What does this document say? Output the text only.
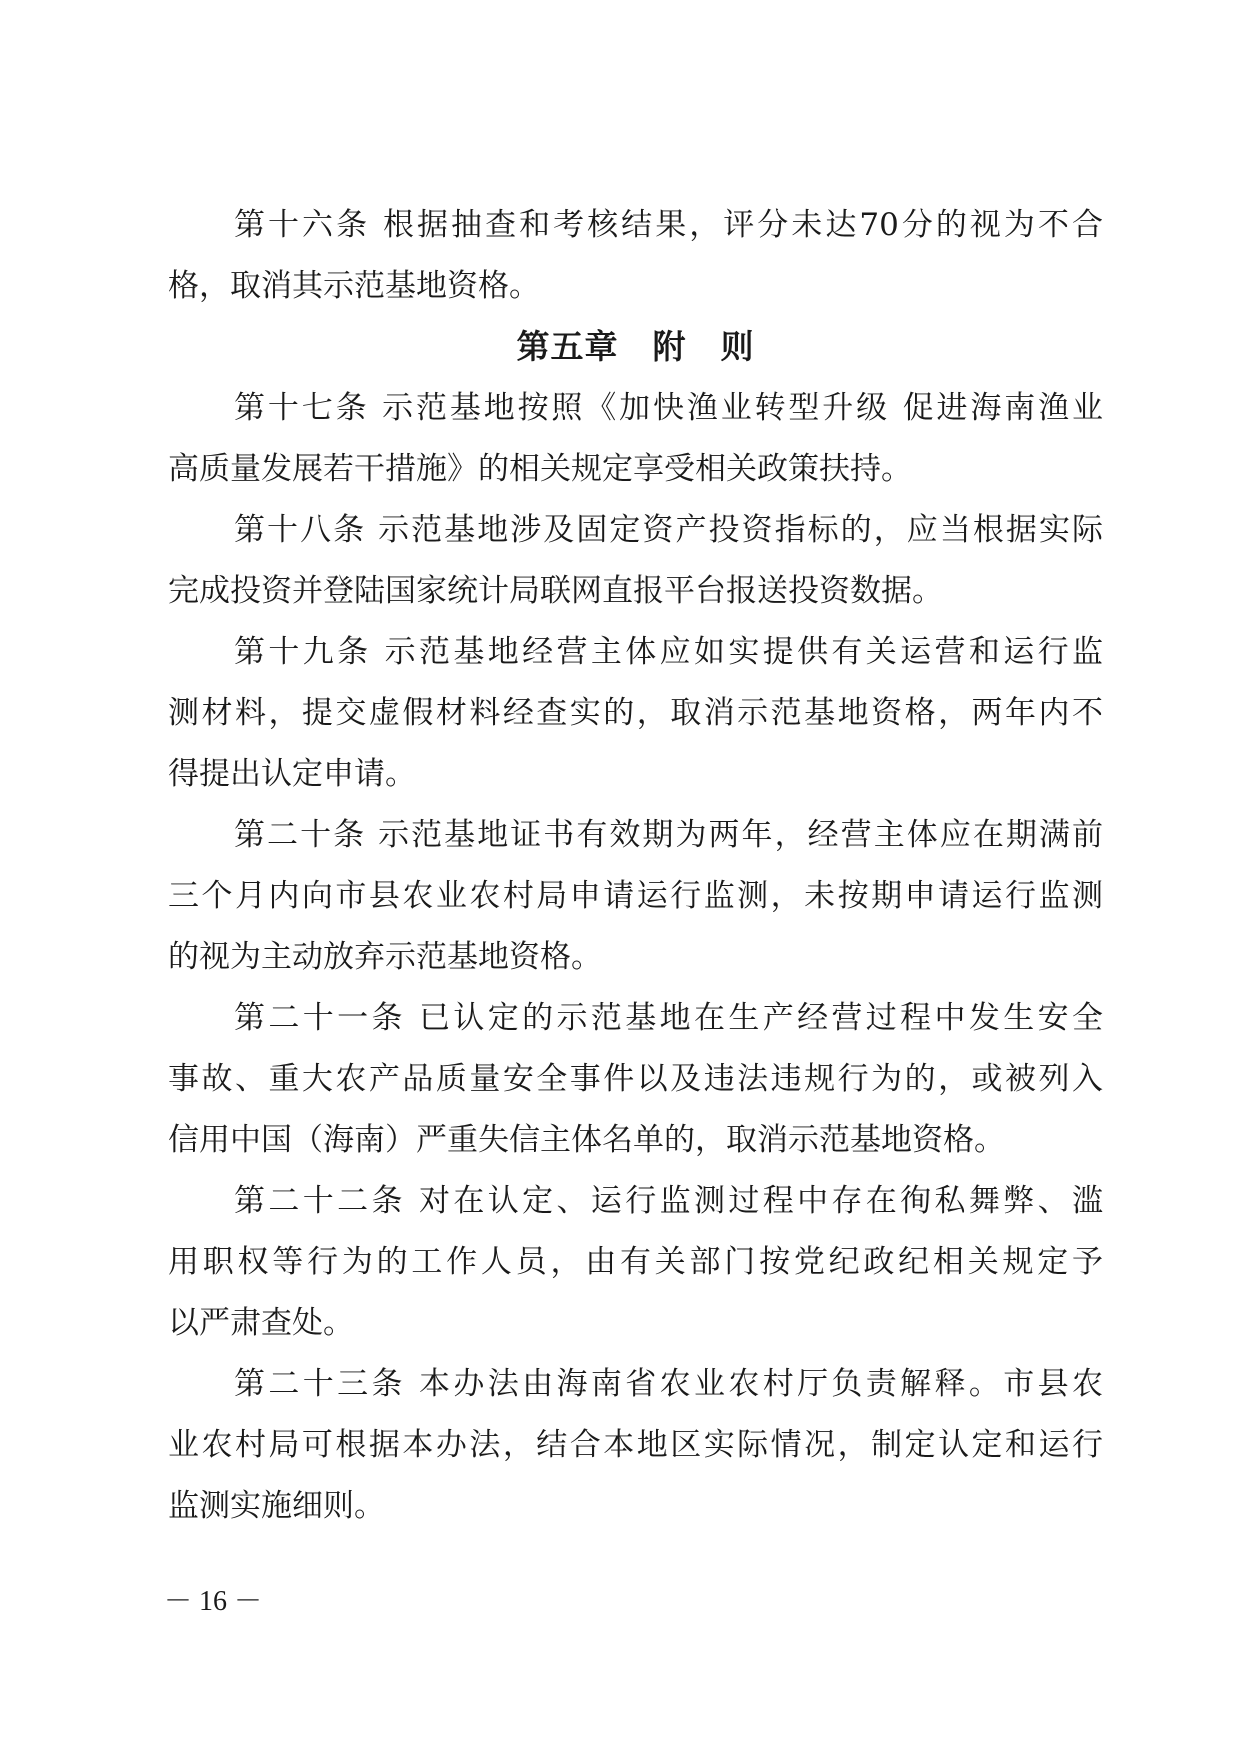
第十六条 根据抽查和考核结果，评分未达70分的视为不合
格，取消其示范基地资格。
第五章　附　则
第十七条 示范基地按照《加快渔业转型升级 促进海南渔业
高质量发展若干措施》的相关规定享受相关政策扶持。
第十八条 示范基地涉及固定资产投资指标的，应当根据实际
完成投资并登陆国家统计局联网直报平台报送投资数据。
第十九条 示范基地经营主体应如实提供有关运营和运行监
测材料，提交虚假材料经查实的，取消示范基地资格，两年内不
得提出认定申请。
第二十条 示范基地证书有效期为两年，经营主体应在期满前
三个月内向市县农业农村局申请运行监测，未按期申请运行监测
的视为主动放弃示范基地资格。
第二十一条 已认定的示范基地在生产经营过程中发生安全
事故、重大农产品质量安全事件以及违法违规行为的，或被列入
信用中国（海南）严重失信主体名单的，取消示范基地资格。
第二十二条 对在认定、运行监测过程中存在徇私舞弊、滥
用职权等行为的工作人员，由有关部门按党纪政纪相关规定予
以严肃查处。
第二十三条 本办法由海南省农业农村厅负责解释。市县农
业农村局可根据本办法，结合本地区实际情况，制定认定和运行
监测实施细则。
－ 16 －
